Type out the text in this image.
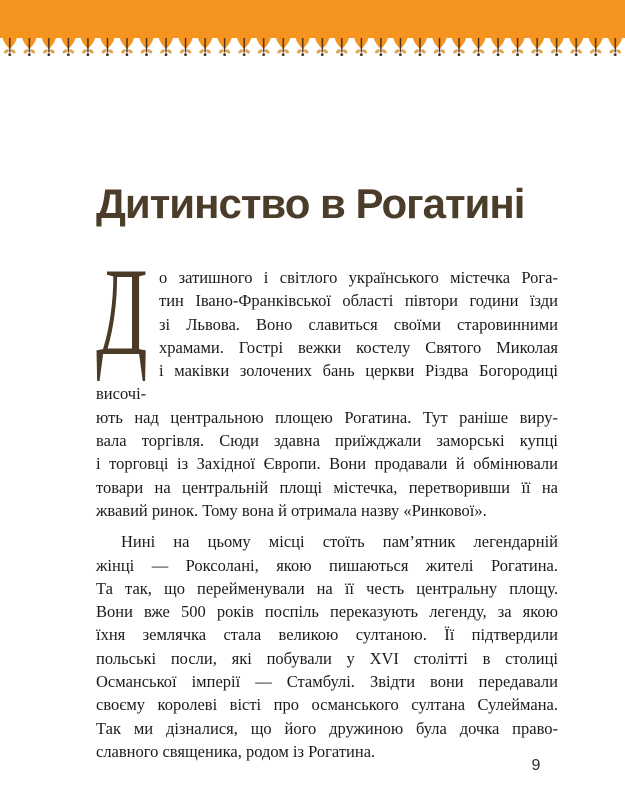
Дитинство в Рогатині
Д о затишного і світлого українського містечка Рога-
тин Івано-Франківської області півтори години їзди
зі Львова. Воно славиться своїми старовинними
храмами. Гострі вежки костелу Святого Миколая
і маківки золочених бань церкви Різдва Богородиці височі-
ють над центральною площею Рогатина. Тут раніше виру-
вала торгівля. Сюди здавна приїжджали заморські купці
і торговці із Західної Європи. Вони продавали й обмінювали
товари на центральній площі містечка, перетворивши її на
жвавий ринок. Тому вона й отримала назву «Ринкової».
Нині на цьому місці стоїть пам’ятник легендарній
жінці — Роксолані, якою пишаються жителі Рогатина.
Та так, що перейменували на її честь центральну площу.
Вони вже 500 років поспіль переказують легенду, за якою
їхня землячка стала великою султаною. Її підтвердили
польські посли, які побували у XVI столітті в столиці
Османської імперії — Стамбулі. Звідти вони передавали
своєму королеві вісті про османського султана Сулеймана.
Так ми дізналися, що його дружиною була дочка право-
славного священика, родом із Рогатина.
9
